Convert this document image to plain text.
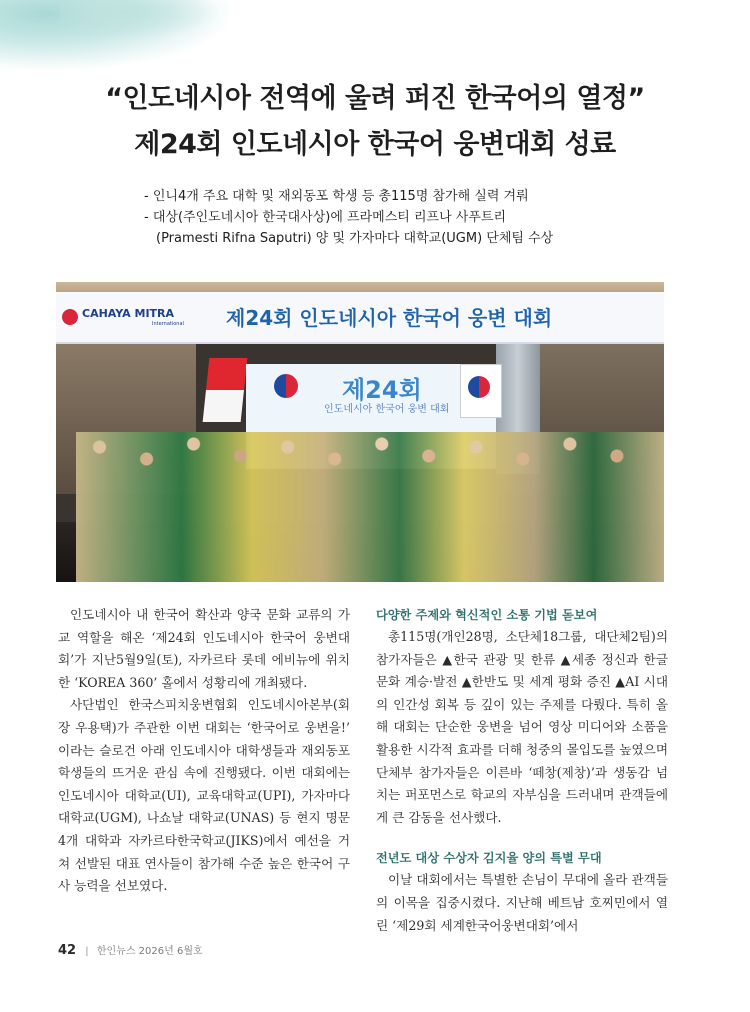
“인도네시아 전역에 울려 퍼진 한국어의 열정”
제24회 인도네시아 한국어 웅변대회 성료
- 인니4개 주요 대학 및 재외동포 학생 등 총115명 참가해 실력 겨뤄
- 대상(주인도네시아 한국대사상)에 프라메스티 리프나 사푸트리
(Pramesti Rifna Saputri) 양 및 가자마다 대학교(UGM) 단체팀 수상
CAHAYA MITRA
International 제24회 인도네시아 한국어 웅변 대회
제24회
인도네시아 한국어 웅변 대회

인도네시아 내 한국어 확산과 양국 문화 교류의 가교 역할을 해온 ‘제24회 인도네시아 한국어 웅변대회’가 지난5월9일(토), 자카르타 롯데 에비뉴에 위치한 ‘KOREA 360’ 홀에서 성황리에 개최됐다.

사단법인 한국스피치웅변협회 인도네시아본부(회장 우용택)가 주관한 이번 대회는 ‘한국어로 웅변을!’ 이라는 슬로건 아래 인도네시아 대학생들과 재외동포 학생들의 뜨거운 관심 속에 진행됐다. 이번 대회에는 인도네시아 대학교(UI), 교육대학교(UPI), 가자마다 대학교(UGM), 나쇼날 대학교(UNAS) 등 현지 명문4개 대학과 자카르타한국학교(JIKS)에서 예선을 거쳐 선발된 대표 연사들이 참가해 수준 높은 한국어 구사 능력을 선보였다.

다양한 주제와 혁신적인 소통 기법 돋보여

총115명(개인28명, 소단체18그룹, 대단체2팀)의 참가자들은 ▲한국 관광 및 한류 ▲세종 정신과 한글 문화 계승·발전 ▲한반도 및 세계 평화 증진 ▲AI 시대의 인간성 회복 등 깊이 있는 주제를 다뤘다. 특히 올해 대회는 단순한 웅변을 넘어 영상 미디어와 소품을 활용한 시각적 효과를 더해 청중의 몰입도를 높였으며 단체부 참가자들은 이른바 ‘떼창(제창)’과 생동감 넘치는 퍼포먼스로 학교의 자부심을 드러내며 관객들에게 큰 감동을 선사했다.

전년도 대상 수상자 김지율 양의 특별 무대

이날 대회에서는 특별한 손님이 무대에 올라 관객들의 이목을 집중시켰다. 지난해 베트남 호찌민에서 열린 ‘제29회 세계한국어웅변대회’에서

42 | 한인뉴스 2026년 6월호
